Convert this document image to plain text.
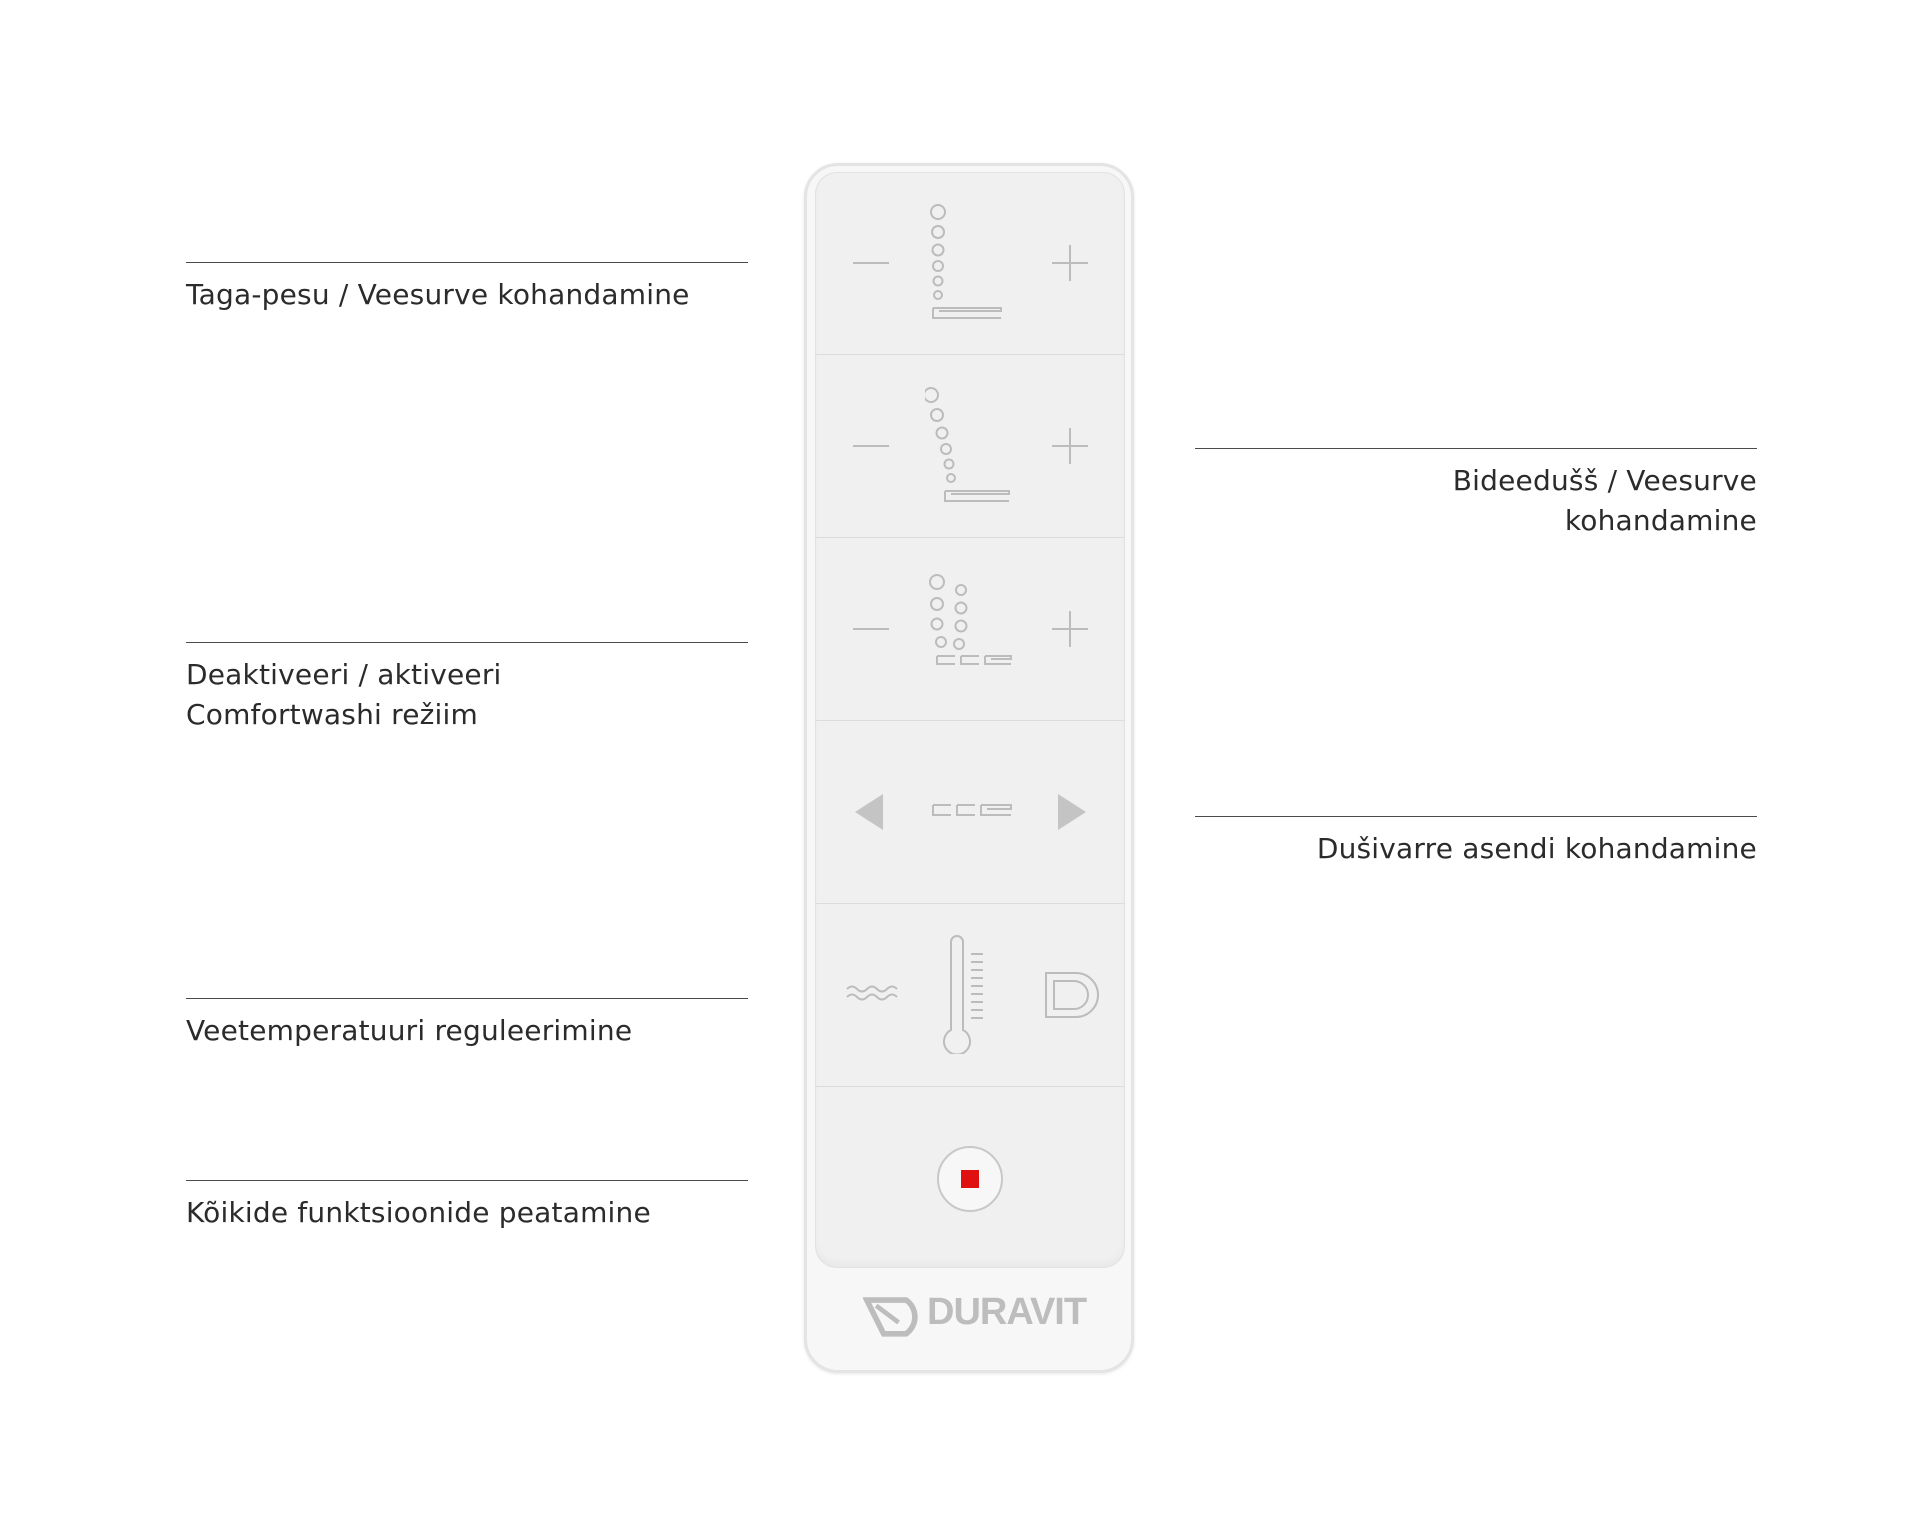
Taga-pesu / Veesurve kohandamine
Deaktiveeri / aktiveeri
Comfortwashi režiim
Veetemperatuuri reguleerimine
Kõikide funktsioonide peatamine
Bideedušš / Veesurve
kohandamine
Dušivarre asendi kohandamine
DURAVIT
